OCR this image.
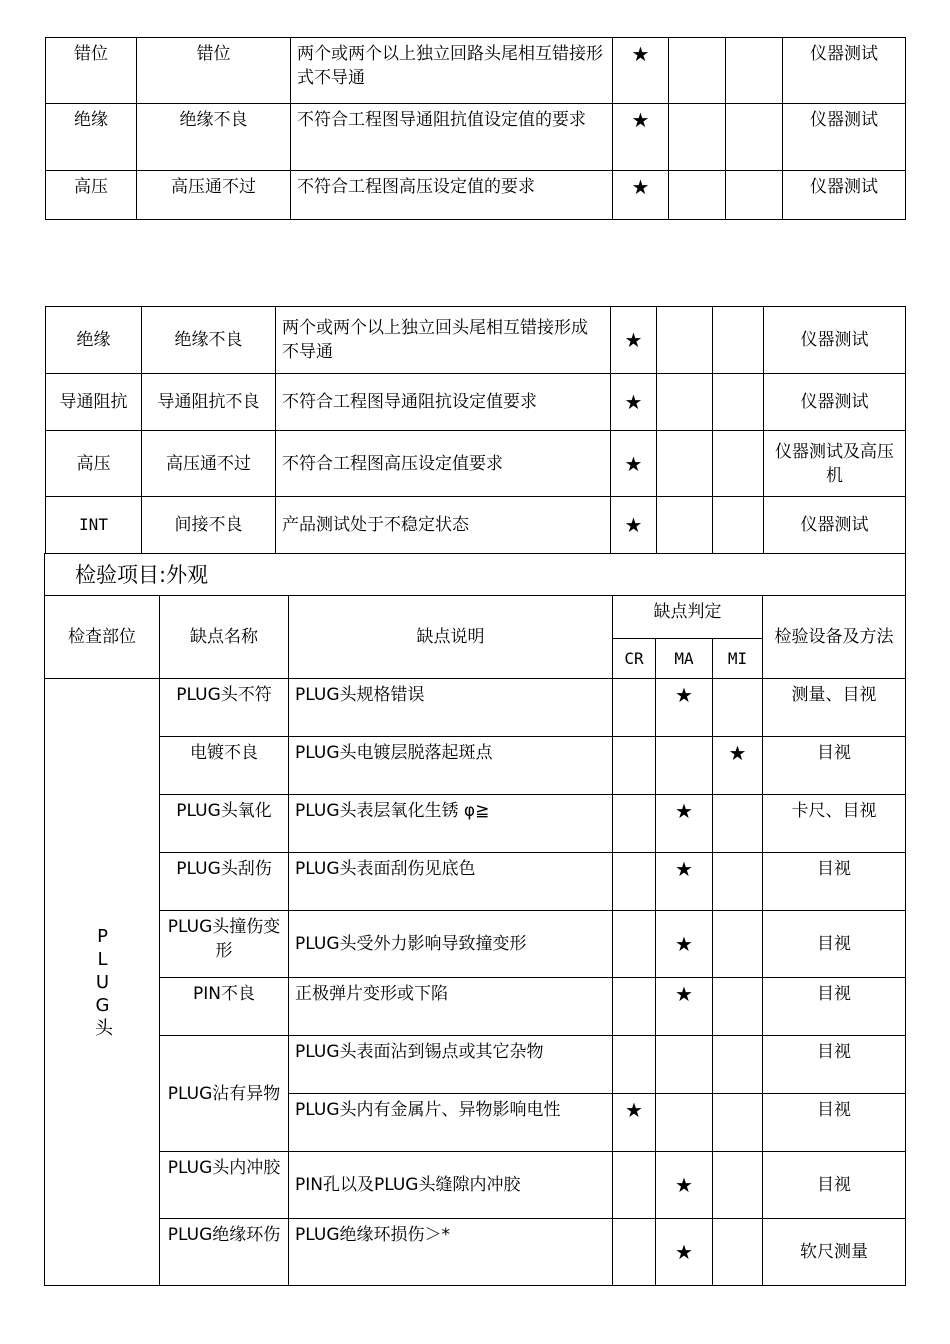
错位	错位	两个或两个以上独立回路头尾相互错接形式不导通	★			仪器测试
绝缘	绝缘不良	不符合工程图导通阻抗值设定值的要求	★			仪器测试
高压	高压通不过	不符合工程图高压设定值的要求	★			仪器测试
绝缘	绝缘不良	两个或两个以上独立回头尾相互错接形成不导通	★			仪器测试
导通阻抗	导通阻抗不良	不符合工程图导通阻抗设定值要求	★			仪器测试
高压	高压通不过	不符合工程图高压设定值要求	★			仪器测试及高压机
INT	间接不良	产品测试处于不稳定状态	★			仪器测试
检验项目:外观						
检查部位	缺点名称	缺点说明	缺点判定			检验设备及方法
			CR	MA	MI	

PLUG头	PLUG头不符	PLUG头规格错误		★		测量、目视
	电镀不良	PLUG头电镀层脱落起斑点			★	目视
	PLUG头氧化	PLUG头表层氧化生锈 φ≧		★		卡尺、目视
	PLUG头刮伤	PLUG头表面刮伤见底色		★		目视
	PLUG头撞伤变形	PLUG头受外力影响导致撞变形		★		目视
	PIN不良	正极弹片变形或下陷		★		目视
	PLUG沾有异物	PLUG头表面沾到锡点或其它杂物				目视
		PLUG头内有金属片、异物影响电性	★			目视
	PLUG头内冲胶	PIN孔以及PLUG头缝隙内冲胶		★		目视
	PLUG绝缘环伤	PLUG绝缘环损伤＞*		★		软尺测量
